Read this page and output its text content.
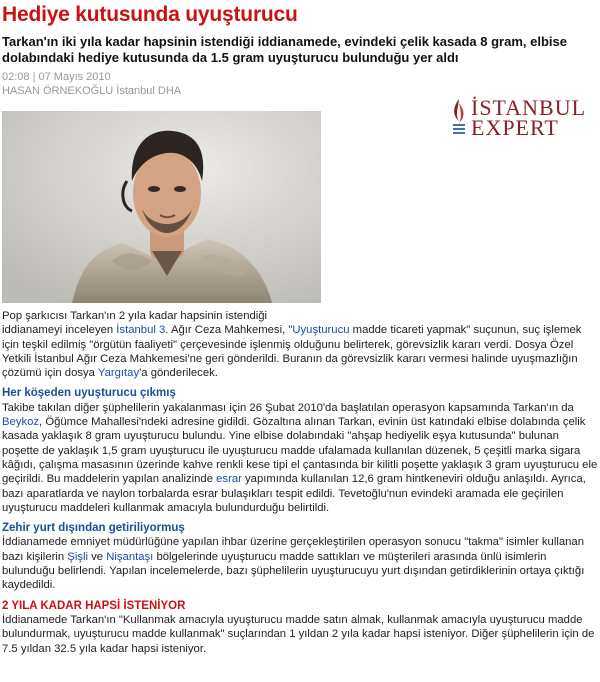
Hediye kutusunda uyuşturucu
Tarkan'ın iki yıla kadar hapsinin istendiği iddianamede, evindeki çelik kasada 8 gram, elbise dolabındaki hediye kutusunda da 1.5 gram uyuşturucu bulunduğu yer aldı
02:08 | 07 Mayıs 2010
HASAN ÖRNEKOĞLU İstanbul DHA
İSTANBUL
EXPERT

Pop şarkıcısı Tarkan'ın 2 yıla kadar hapsinin istendiği
iddianameyi inceleyen İstanbul 3. Ağır Ceza Mahkemesi, "Uyuşturucu madde ticareti yapmak" suçunun, suç işlemek için teşkil edilmiş "örgütün faaliyeti" çerçevesinde işlenmiş olduğunu belirterek, görevsizlik kararı verdi. Dosya Özel Yetkili İstanbul Ağır Ceza Mahkemesi'ne geri gönderildi. Buranın da görevsizlik kararı vermesi halinde uyuşmazlığın çözümü için dosya Yargıtay'a gönderilecek.

Her köşeden uyuşturucu çıkmış

Takibe takılan diğer şüphelilerin yakalanması için 26 Şubat 2010'da başlatılan operasyon kapsamında Tarkan'ın da Beykoz, Öğümce Mahallesi'ndeki adresine gidildi. Gözaltına alınan Tarkan, evinin üst katındaki elbise dolabında çelik kasada yaklaşık 8 gram uyuşturucu bulundu. Yine elbise dolabındaki "ahşap hediyelik eşya kutusunda" bulunan poşette de yaklaşık 1,5 gram uyuşturucu ile uyuşturucu madde ufalamada kullanılan düzenek, 5 çeşitli marka sigara kâğıdı, çalışma masasının üzerinde kahve renkli kese tipi el çantasında bir kilitli poşette yaklaşık 3 gram uyuşturucu ele geçirildi. Bu maddelerin yapılan analizinde esrar yapımında kullanılan 12,6 gram hintkeneviri olduğu anlaşıldı. Ayrıca, bazı aparatlarda ve naylon torbalarda esrar bulaşıkları tespit edildi. Tevetoğlu'nun evindeki aramada ele geçirilen uyuşturucu maddeleri kullanmak amacıyla bulundurduğu belirtildi.

Zehir yurt dışından getiriliyormuş

İddianamede emniyet müdürlüğüne yapılan ihbar üzerine gerçekleştirilen operasyon sonucu "takma" isimler kullanan bazı kişilerin Şişli ve Nişantaşı bölgelerinde uyuşturucu madde sattıkları ve müşterileri arasında ünlü isimlerin bulunduğu belirlendi. Yapılan incelemelerde, bazı şüphelilerin uyuşturucuyu yurt dışından getirdiklerinin ortaya çıktığı kaydedildi.

2 YILA KADAR HAPSİ İSTENİYOR

İddianamede Tarkan'ın "Kullanmak amacıyla uyuşturucu madde satın almak, kullanmak amacıyla uyuşturucu madde bulundurmak, uyuşturucu madde kullanmak" suçlarından 1 yıldan 2 yıla kadar hapsi isteniyor. Diğer şüphelilerin için de 7.5 yıldan 32.5 yıla kadar hapsi isteniyor.
